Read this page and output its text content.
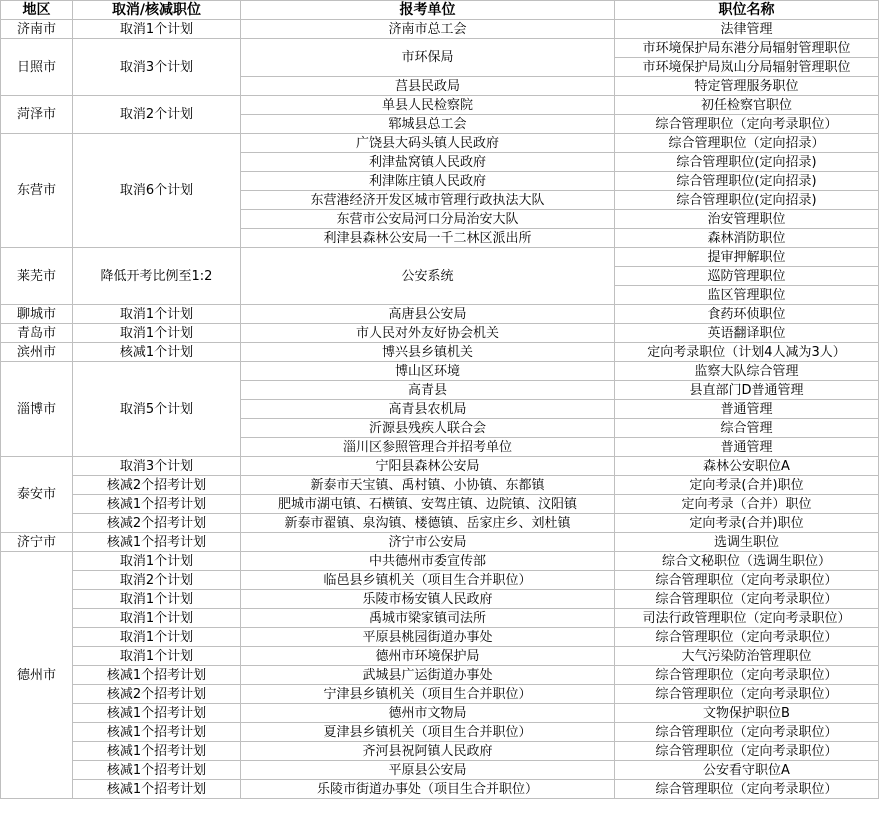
地区	取消/核减职位	报考单位	职位名称
济南市	取消1个计划	济南市总工会	法律管理
日照市	取消3个计划	市环保局	市环境保护局东港分局辐射管理职位
			市环境保护局岚山分局辐射管理职位
		莒县民政局	特定管理服务职位
菏泽市	取消2个计划	单县人民检察院	初任检察官职位
		郓城县总工会	综合管理职位（定向考录职位）
东营市	取消6个计划	广饶县大码头镇人民政府	综合管理职位（定向招录）
		利津盐窝镇人民政府	综合管理职位(定向招录)
		利津陈庄镇人民政府	综合管理职位(定向招录)
		东营港经济开发区城市管理行政执法大队	综合管理职位(定向招录)
		东营市公安局河口分局治安大队	治安管理职位
		利津县森林公安局一千二林区派出所	森林消防职位
莱芜市	降低开考比例至1:2	公安系统	提审押解职位
			巡防管理职位
			监区管理职位
聊城市	取消1个计划	高唐县公安局	食药环侦职位
青岛市	取消1个计划	市人民对外友好协会机关	英语翻译职位
滨州市	核减1个计划	博兴县乡镇机关	定向考录职位（计划4人减为3人）
淄博市	取消5个计划	博山区环境	监察大队综合管理
		高青县	县直部门D普通管理
		高青县农机局	普通管理
		沂源县残疾人联合会	综合管理
		淄川区参照管理合并招考单位	普通管理
泰安市	取消3个计划	宁阳县森林公安局	森林公安职位A
	核减2个招考计划	新泰市天宝镇、禹村镇、小协镇、东都镇	定向考录(合并)职位
	核减1个招考计划	肥城市湖屯镇、石横镇、安驾庄镇、边院镇、汶阳镇	定向考录（合并）职位
	核减2个招考计划	新泰市翟镇、泉沟镇、楼德镇、岳家庄乡、刘杜镇	定向考录(合并)职位
济宁市	核减1个招考计划	济宁市公安局	选调生职位
德州市	取消1个计划	中共德州市委宣传部	综合文秘职位（选调生职位）
	取消2个计划	临邑县乡镇机关（项目生合并职位）	综合管理职位（定向考录职位）
	取消1个计划	乐陵市杨安镇人民政府	综合管理职位（定向考录职位）
	取消1个计划	禹城市梁家镇司法所	司法行政管理职位（定向考录职位）
	取消1个计划	平原县桃园街道办事处	综合管理职位（定向考录职位）
	取消1个计划	德州市环境保护局	大气污染防治管理职位
	核减1个招考计划	武城县广运街道办事处	综合管理职位（定向考录职位）
	核减2个招考计划	宁津县乡镇机关（项目生合并职位）	综合管理职位（定向考录职位）
	核减1个招考计划	德州市文物局	文物保护职位B
	核减1个招考计划	夏津县乡镇机关（项目生合并职位）	综合管理职位（定向考录职位）
	核减1个招考计划	齐河县祝阿镇人民政府	综合管理职位（定向考录职位）
	核减1个招考计划	平原县公安局	公安看守职位A
	核减1个招考计划	乐陵市街道办事处（项目生合并职位）	综合管理职位（定向考录职位）
